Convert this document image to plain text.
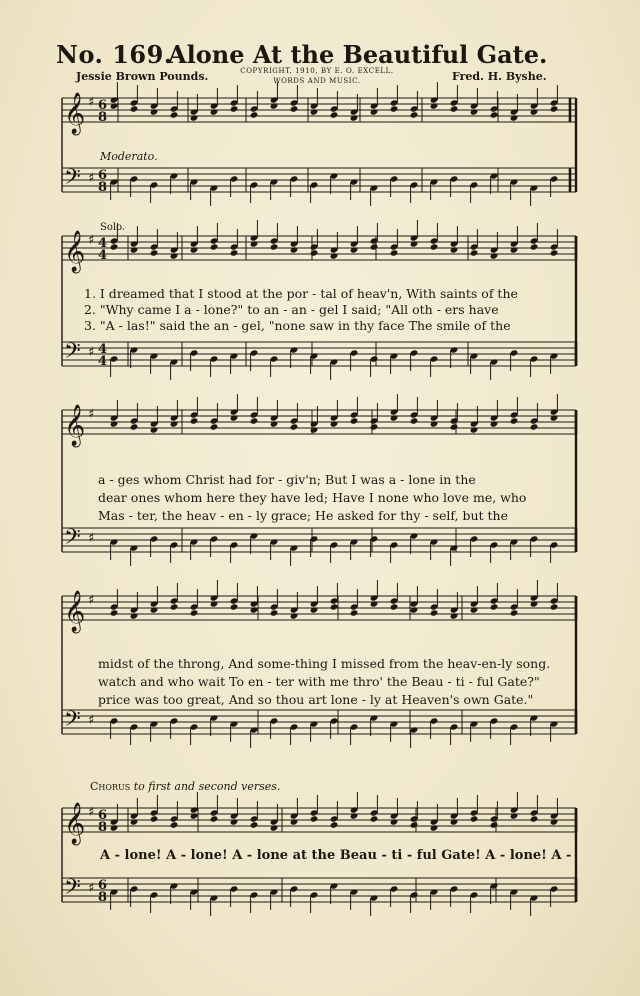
No. 169.
Alone At the Beautiful Gate.
Jessie Brown Pounds.	COPYRIGHT, 1910, BY E. O. EXCELL.
WORDS AND MUSIC.	Fred. H. Byshe.
Moderato.
Solo.
𝄞 ♯
𝄢 ♯
6
8
6
8
𝄞 ♯
𝄢 ♯
4
4
4
4
𝄞 ♯
𝄢 ♯
𝄞 ♯
𝄢 ♯
𝄞 ♯
𝄢 ♯
6
8
6
8
1. I dreamed that I stood at the por - tal of heav'n, With saints of the
2. "Why came I a - lone?" to an - an - gel I said; "All oth - ers have
3. "A - las!" said the an - gel, "none saw in thy face The smile of the
a - ges whom Christ had for - giv'n; But I was a - lone in the
dear ones whom here they have led; Have I none who love me, who
Mas - ter, the heav - en - ly grace; He asked for thy - self, but the
midst of the throng, And some-thing I missed from the heav-en-ly song.
watch and who wait To en - ter with me thro' the Beau - ti - ful Gate?"
price was too great, And so thou art lone - ly at Heaven's own Gate."
Chorus to first and second verses.
A - lone! A - lone! A - lone at the Beau - ti - ful Gate! A - lone! A -
